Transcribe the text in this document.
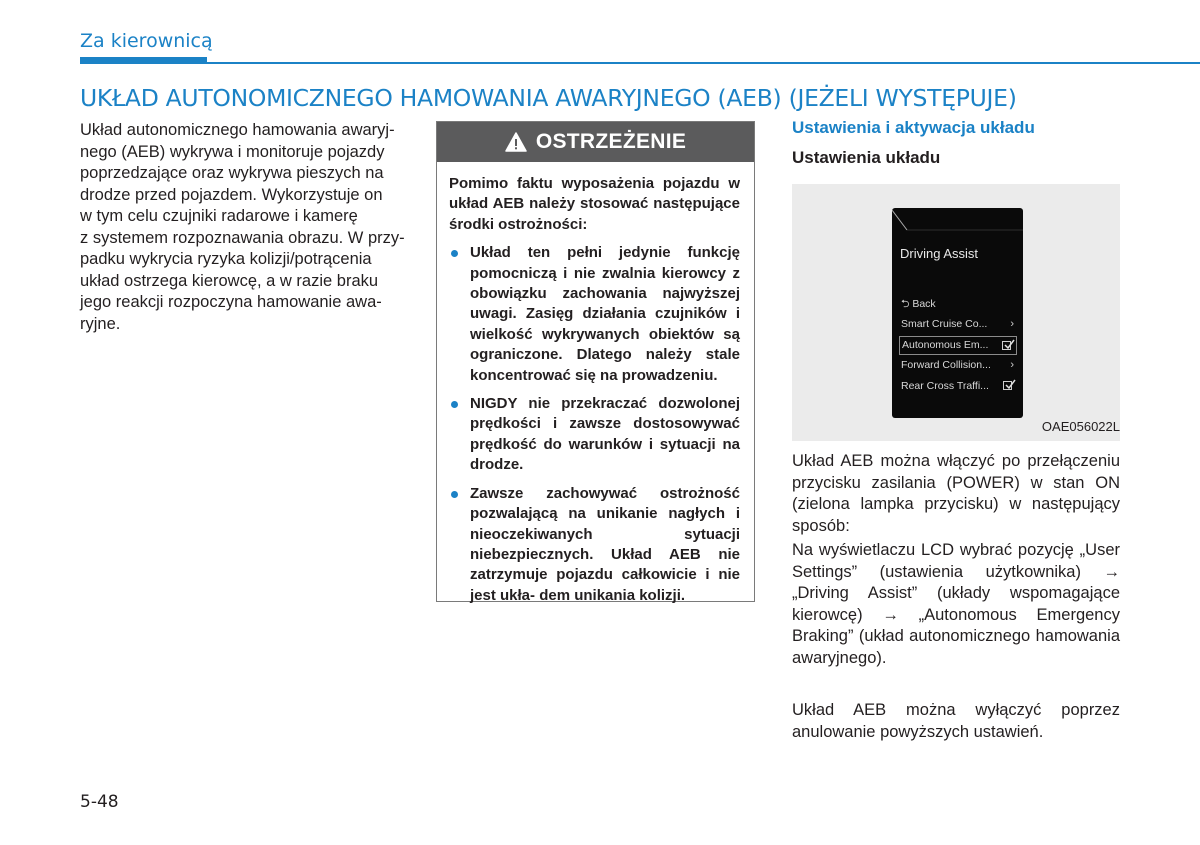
Za kierownicą
UKŁAD AUTONOMICZNEGO HAMOWANIA AWARYJNEGO (AEB) (JEŻELI WYSTĘPUJE)

Układ autonomicznego hamowania awaryj-
nego (AEB) wykrywa i monitoruje pojazdy
poprzedzające oraz wykrywa pieszych na
drodze przed pojazdem. Wykorzystuje on
w tym celu czujniki radarowe i kamerę
z systemem rozpoznawania obrazu. W przy-
padku wykrycia ryzyka kolizji/potrącenia
układ ostrzega kierowcę, a w razie braku
jego reakcji rozpoczyna hamowanie awa-
ryjne.

OSTRZEŻENIE

Pomimo faktu wyposażenia pojazdu w układ AEB należy stosować następujące środki ostrożności:

Układ ten pełni jedynie funkcję pomocniczą i nie zwalnia kierowcy z obowiązku zachowania najwyższej uwagi. Zasięg działania czujników i wielkość wykrywanych obiektów są ograniczone. Dlatego należy stale koncentrować się na prowadzeniu.
NIGDY nie przekraczać dozwolonej prędkości i zawsze dostosowywać prędkość do warunków i sytuacji na drodze.
Zawsze zachowywać ostrożność pozwalającą na unikanie nagłych i nieoczekiwanych sytuacji niebezpiecznych. Układ AEB nie zatrzymuje pojazdu całkowicie i nie jest ukła- dem unikania kolizji.
Ustawienia i aktywacja układu
Ustawienia układu
Driving Assist
⮌ Back
Smart Cruise Co... ›
Autonomous Em...
Forward Collision... ›
Rear Cross Traffi...
OAE056022L

Układ AEB można włączyć po przełączeniu przycisku zasilania (POWER) w stan ON (zielona lampka przycisku) w następujący sposób:

Na wyświetlaczu LCD wybrać pozycję „User Settings” (ustawienia użytkownika) → „Driving Assist” (układy wspomagające kierowcę) → „Autonomous Emergency Braking” (układ autonomicznego hamowania awaryjnego).

Układ AEB można wyłączyć poprzez anulowanie powyższych ustawień.

5-48
